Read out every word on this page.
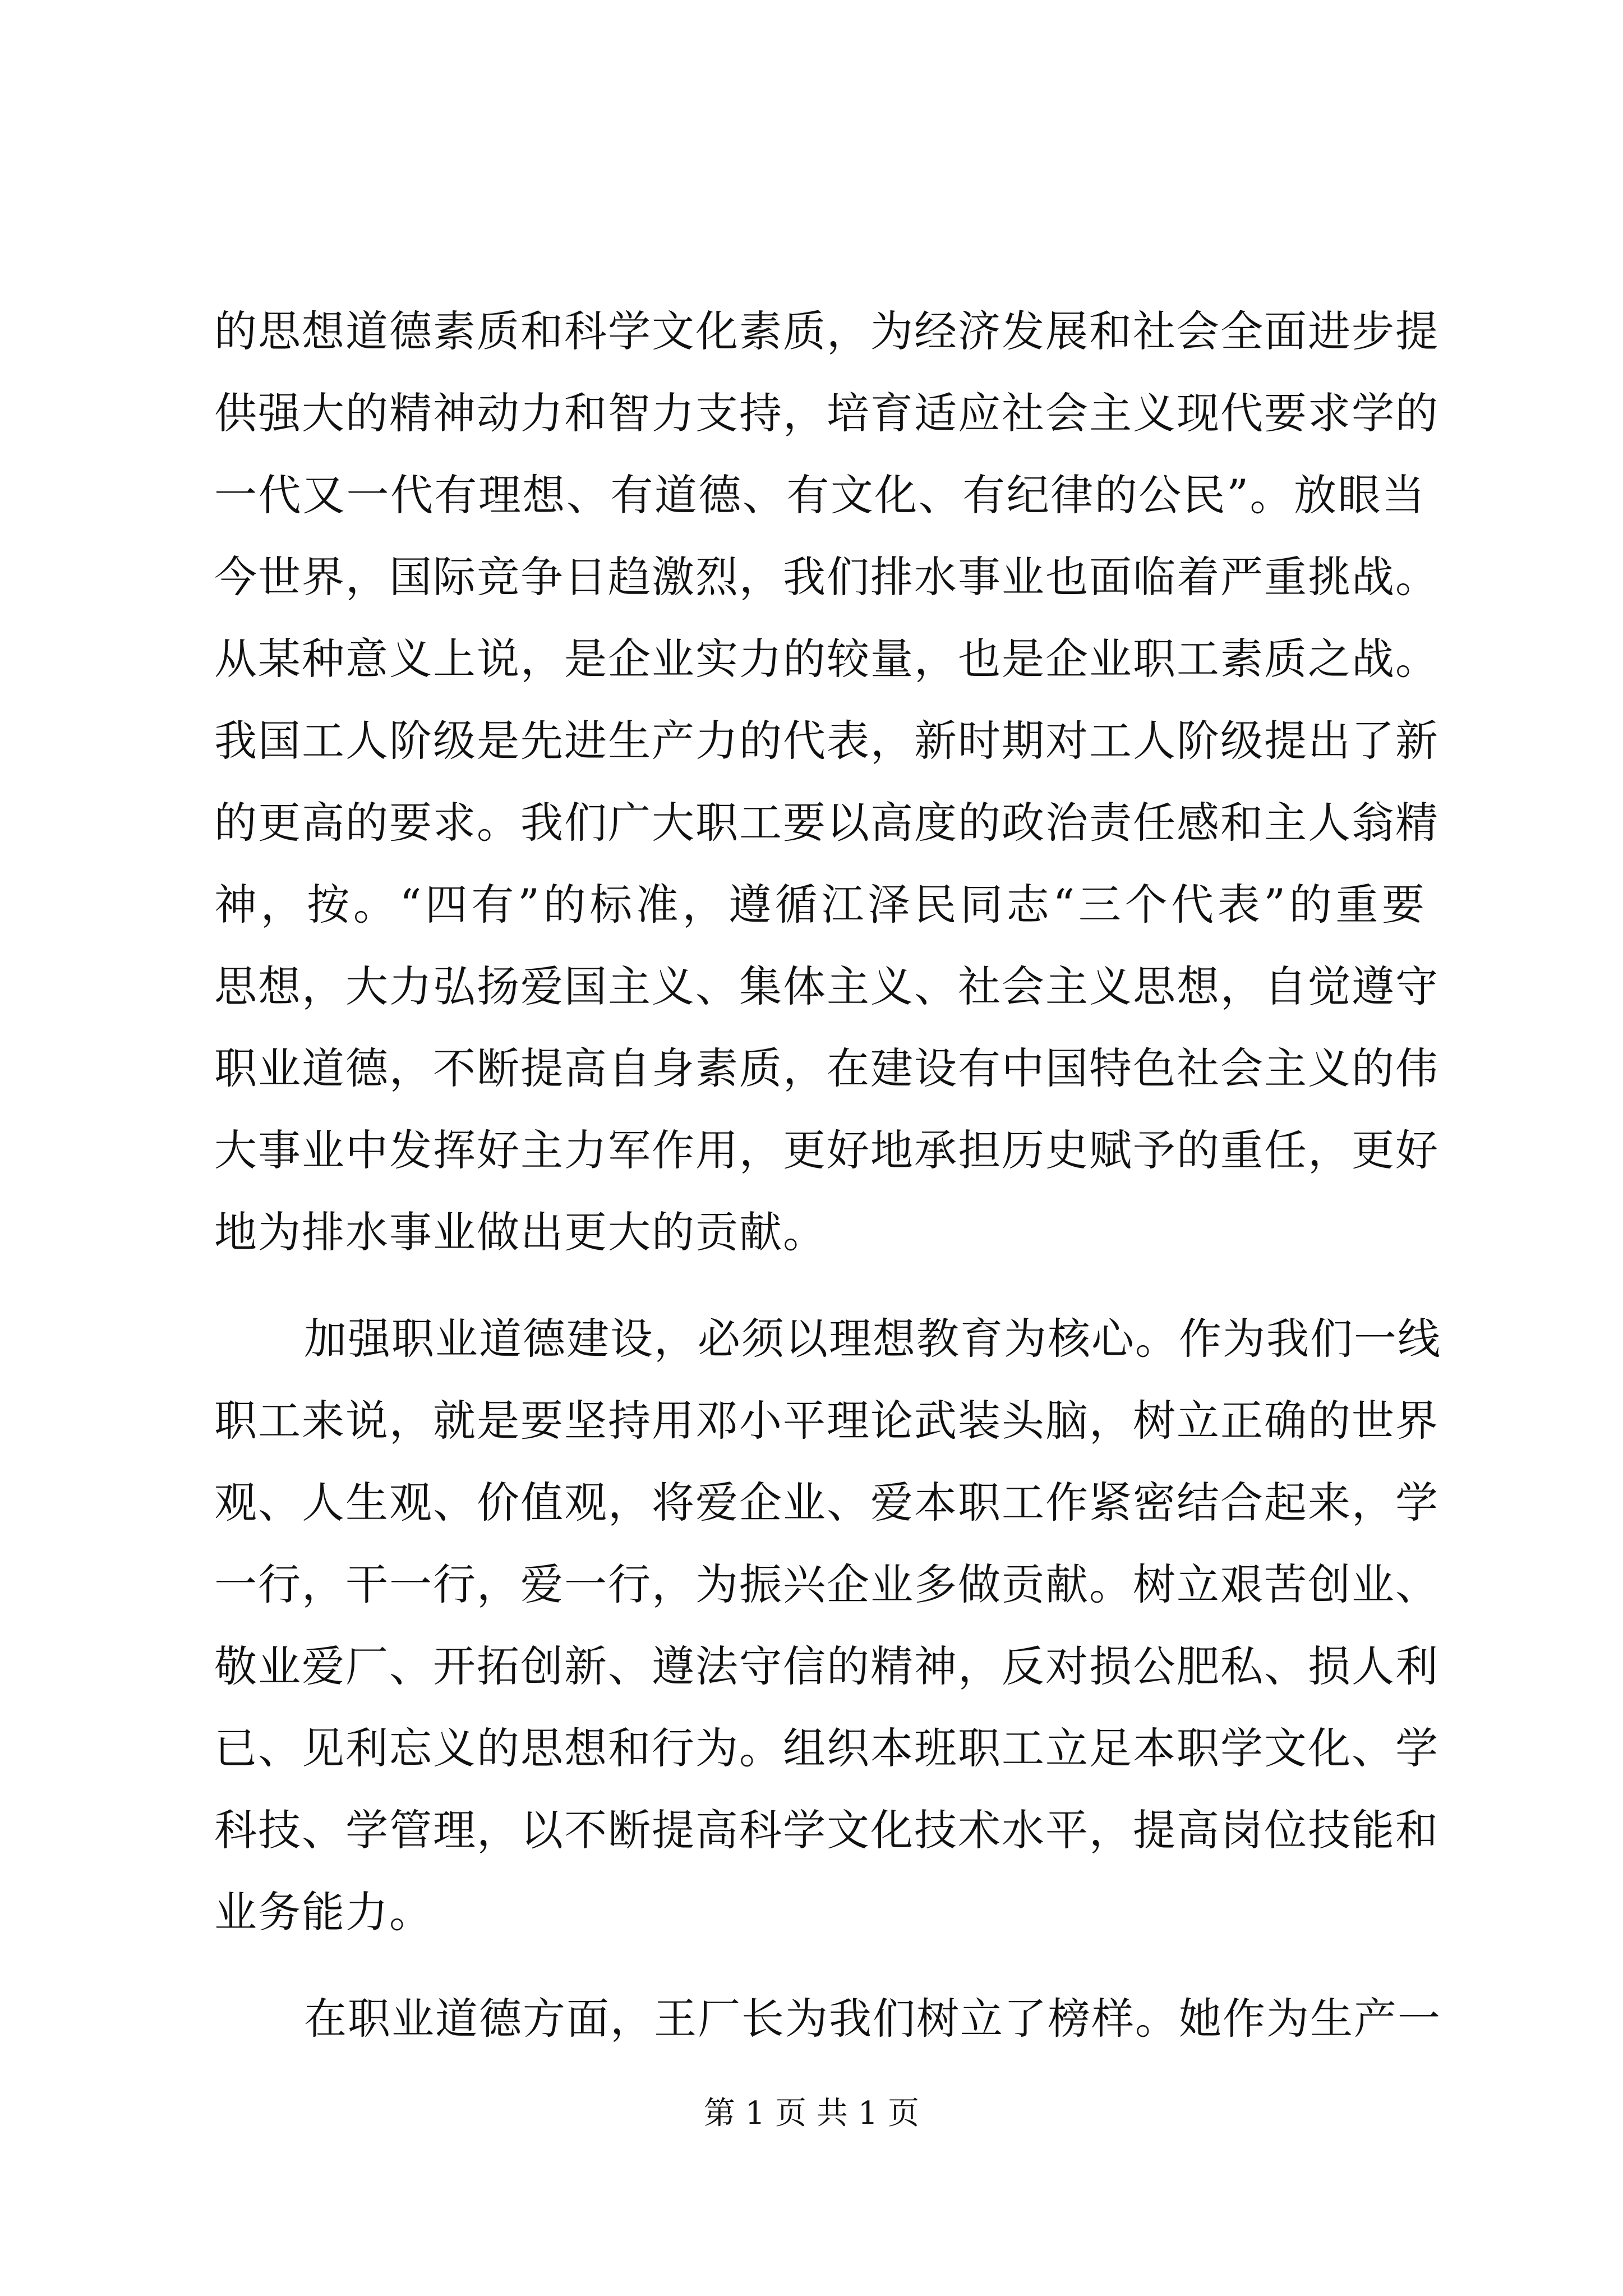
的思想道德素质和科学文化素质，为经济发展和社会全面进步提
供强大的精神动力和智力支持，培育适应社会主义现代要求学的
一代又一代有理想、有道德、有文化、有纪律的公民”。放眼当
今世界，国际竞争日趋激烈，我们排水事业也面临着严重挑战。
从某种意义上说，是企业实力的较量，也是企业职工素质之战。
我国工人阶级是先进生产力的代表，新时期对工人阶级提出了新
的更高的要求。我们广大职工要以高度的政治责任感和主人翁精
神，按。“四有”的标准，遵循江泽民同志“三个代表”的重要
思想，大力弘扬爱国主义、集体主义、社会主义思想，自觉遵守
职业道德，不断提高自身素质，在建设有中国特色社会主义的伟
大事业中发挥好主力军作用，更好地承担历史赋予的重任，更好
地为排水事业做出更大的贡献。
加强职业道德建设，必须以理想教育为核心。作为我们一线
职工来说，就是要坚持用邓小平理论武装头脑，树立正确的世界
观、人生观、价值观，将爱企业、爱本职工作紧密结合起来，学
一行，干一行，爱一行，为振兴企业多做贡献。树立艰苦创业、
敬业爱厂、开拓创新、遵法守信的精神，反对损公肥私、损人利
已、见利忘义的思想和行为。组织本班职工立足本职学文化、学
科技、学管理，以不断提高科学文化技术水平，提高岗位技能和
业务能力。
在职业道德方面，王厂长为我们树立了榜样。她作为生产一
第 1 页 共 1 页
